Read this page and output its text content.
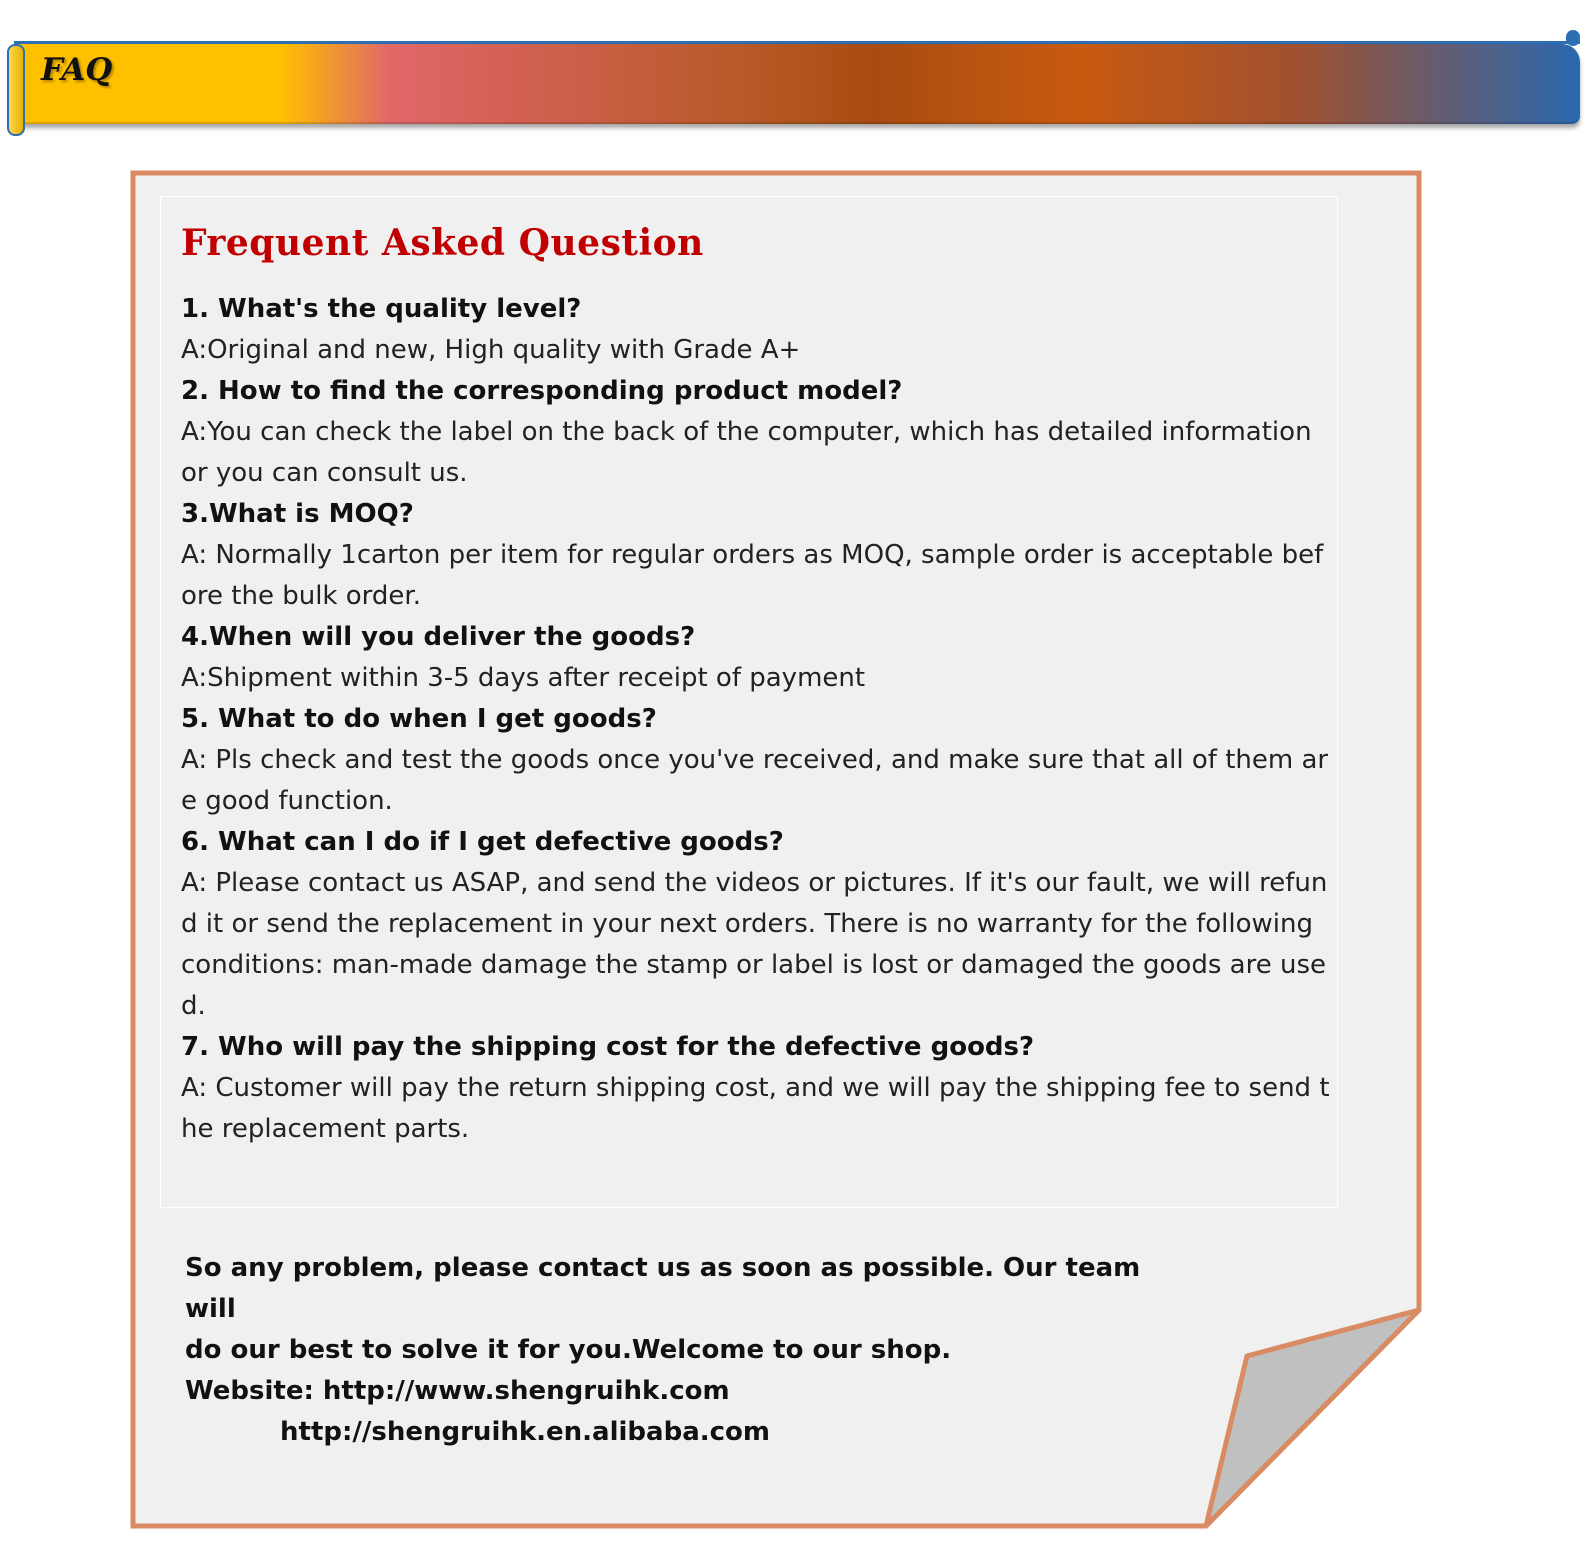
FAQ
Frequent Asked Question
1. What's the quality level?
A:Original and new, High quality with Grade A+
2. How to find the corresponding product model?
A:You can check the label on the back of the computer, which has detailed information or you can consult us.
3.What is MOQ?
A: Normally 1carton per item for regular orders as MOQ, sample order is acceptable bef ore the bulk order.
4.When will you deliver the goods?
A:Shipment within 3-5 days after receipt of payment
5. What to do when I get goods?
A: Pls check and test the goods once you've received, and make sure that all of them ar e good function.
6. What can I do if I get defective goods?
A: Please contact us ASAP, and send the videos or pictures. If it's our fault, we will refun d it or send the replacement in your next orders. There is no warranty for the following conditions: man-made damage the stamp or label is lost or damaged the goods are use d.
7. Who will pay the shipping cost for the defective goods?
A: Customer will pay the return shipping cost, and we will pay the shipping fee to send t he replacement parts.
So any problem, please contact us as soon as possible. Our team will
do our best to solve it for you.Welcome to our shop.
Website: http://www.shengruihk.com
http://shengruihk.en.alibaba.com
